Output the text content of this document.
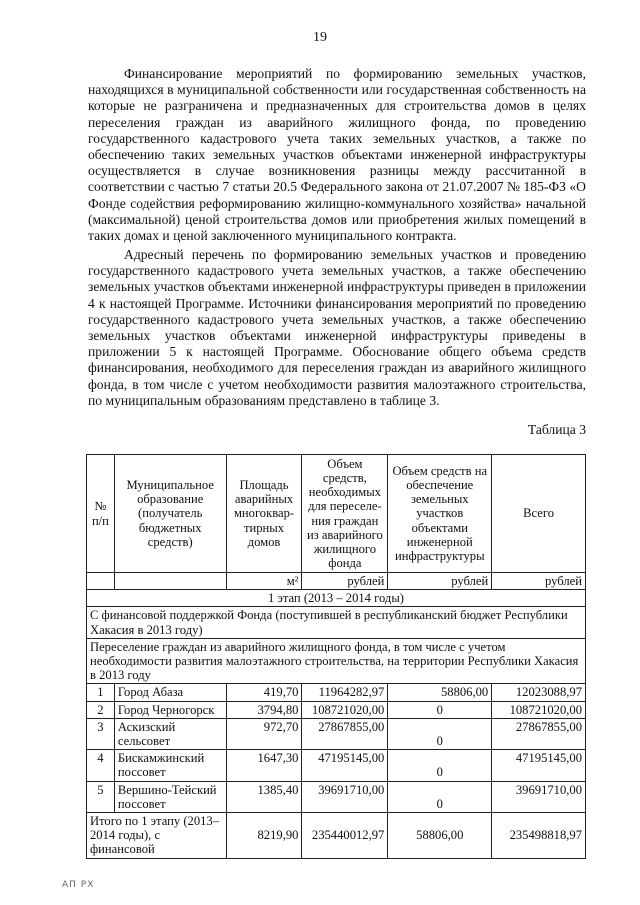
19

Финансирование мероприятий по формированию земельных участков, находящихся в муниципальной собственности или государственная собственность на которые не разграничена и предназначенных для строительства домов в целях переселения граждан из аварийного жилищного фонда, по проведению государственного кадастрового учета таких земельных участков, а также по обеспечению таких земельных участков объектами инженерной инфраструктуры осуществляется в случае возникновения разницы между рассчитанной в соответствии с частью 7 статьи 20.5 Федерального закона от 21.07.2007 № 185-ФЗ «О Фонде содействия реформированию жилищно-коммунального хозяйства» начальной (максимальной) ценой строительства домов или приобретения жилых помещений в таких домах и ценой заключенного муниципального контракта.

Адресный перечень по формированию земельных участков и проведению государственного кадастрового учета земельных участков, а также обеспечению земельных участков объектами инженерной инфраструктуры приведен в приложении 4 к настоящей Программе. Источники финансирования мероприятий по проведению государственного кадастрового учета земельных участков, а также обеспечению земельных участков объектами инженерной инфраструктуры приведены в приложении 5 к настоящей Программе. Обоснование общего объема средств финансирования, необходимого для переселения граждан из аварийного жилищного фонда, в том числе с учетом необходимости развития малоэтажного строительства, по муниципальным образованиям представлено в таблице 3.

Таблица 3
№ п/п	Муниципальное образование (получатель бюджетных средств)	Площадь аварийных многоквар-тирных домов	Объем средств, необходимых для переселе-ния граждан из аварийного жилищного фонда	Объем средств на обеспечение земельных участков объектами инженерной инфраструктуры	Всего
		м²	рублей	рублей	рублей
1 этап (2013 – 2014 годы)					
С финансовой поддержкой Фонда (поступившей в республиканский бюджет Республики Хакасия в 2013 году)					
Переселение граждан из аварийного жилищного фонда, в том числе с учетом необходимости развития малоэтажного строительства, на территории Республики Хакасия в 2013 году					
1	Город Абаза	419,70	11964282,97	58806,00	12023088,97
2	Город Черногорск	3794,80	108721020,00	0	108721020,00
3	Аскизский сельсовет	972,70	27867855,00	0	27867855,00
4	Бискамжинский поссовет	1647,30	47195145,00	0	47195145,00
5	Вершино-Тейский поссовет	1385,40	39691710,00	0	39691710,00
Итого по 1 этапу (2013–2014 годы), с финансовой		8219,90	235440012,97	58806,00	235498818,97
АП РХ
